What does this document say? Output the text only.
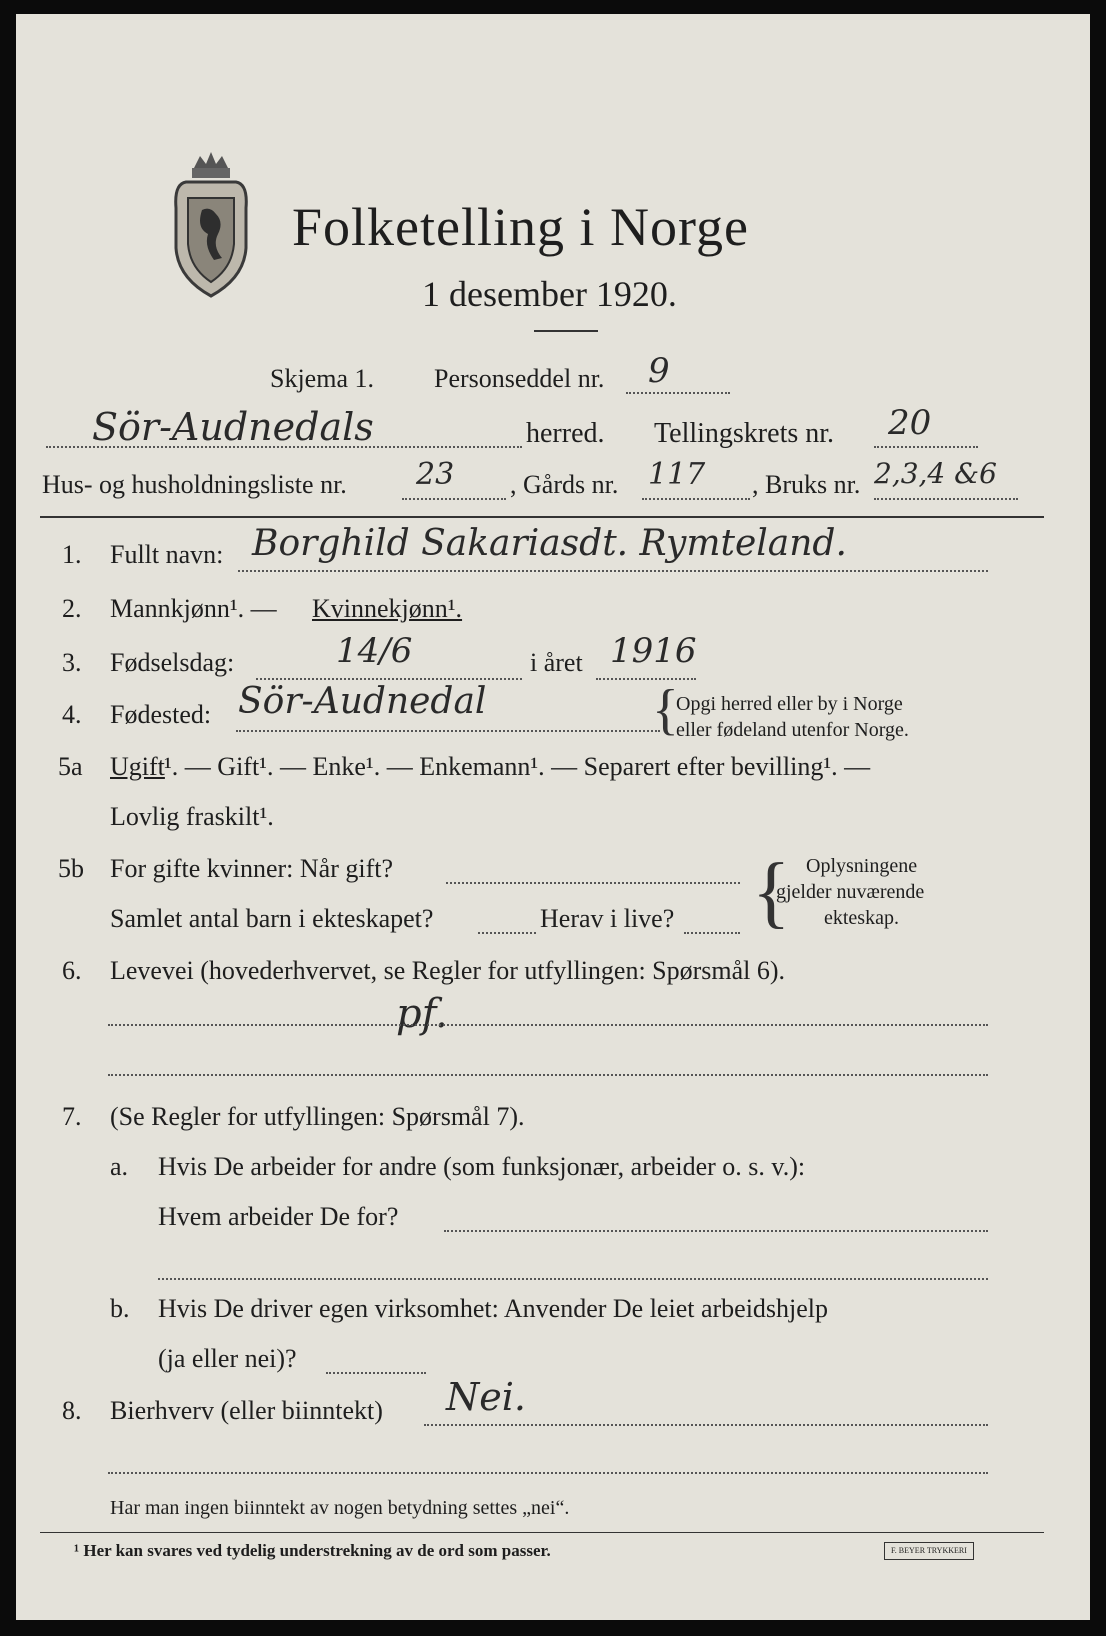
Folketelling i Norge
1 desember 1920.
Skjema 1. Personseddel nr. 9
Sör-Audnedals	herred. Tellingskrets nr. 20
Hus- og husholdningsliste nr. 23 , Gårds nr. 117 , Bruks nr. 2,3,4 &6
1. Fullt navn: Borghild Sakariasdt. Rymteland.
2. Mannkjønn¹. — Kvinnekjønn¹.
3. Fødselsdag:	14/6	i året 1916
4. Fødested: Sör-Audnedal	{
Opgi herred eller by i Norge
eller fødeland utenfor Norge.
5a Ugift ¹. — Gift¹. — Enke¹. — Enkemann¹. — Separert efter bevilling¹. —
Lovlig fraskilt¹.
5b For gifte kvinner: Når gift?
Samlet antal barn i ekteskapet?	Herav i live? { Oplysningene
gjelder nuværende
ekteskap.
6. Levevei (hovederhvervet, se Regler for utfyllingen: Spørsmål 6).
pf.
7. (Se Regler for utfyllingen: Spørsmål 7).
a. Hvis De arbeider for andre (som funksjonær, arbeider o. s. v.):
Hvem arbeider De for?
b. Hvis De driver egen virksomhet: Anvender De leiet arbeidshjelp
(ja eller nei)?
8. Bierhverv (eller biinntekt) Nei.
Har man ingen biinntekt av nogen betydning settes „nei“.
¹ Her kan svares ved tydelig understrekning av de ord som passer.	F. BEYER TRYKKERI
